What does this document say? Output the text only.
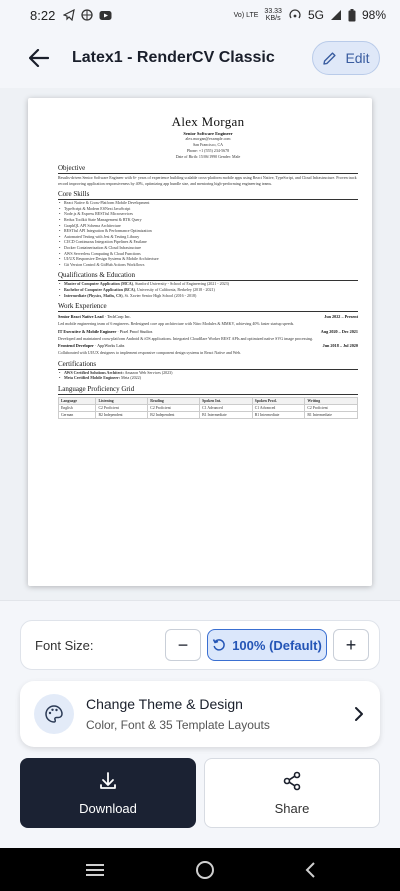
8:22	Vo) LTE 33.33
KB/s 5G	98%
Latex1 - RenderCV Classic	Edit
Alex Morgan
Senior Software Engineer
alex.morgan@example.com
San Francisco, CA
Phone: +1 (555) 234-5678
Date of Birth: 15/06/1990 Gender: Male
Objective
Results-driven Senior Software Engineer with 6+ years of experience building scalable cross-platform mobile apps using React Native, TypeScript, and Cloud Infrastructure. Proven track record improving application responsiveness by 40%, optimizing app bundle size, and mentoring high-performing engineering teams.
Core Skills
• React Native & Cross-Platform Mobile Development
• TypeScript & Modern ESNext JavaScript
• Node.js & Express RESTful Microservices
• Redux Toolkit State Management & RTK Query
• GraphQL API Schema Architecture
• RESTful API Integration & Performance Optimization
• Automated Testing with Jest & Testing Library
• CI/CD Continuous Integration Pipelines & Fastlane
• Docker Containerization & Cloud Infrastructure
• AWS Serverless Computing & Cloud Functions
• UI/UX Responsive Design Systems & Mobile Architecture
• Git Version Control & GitHub Actions Workflows
Qualifications & Education
• Master of Computer Application (MCA), Stanford University - School of Engineering (2021 - 2023)
• Bachelor of Computer Application (BCA), University of California, Berkeley (2018 - 2021)
• Intermediate (Physics, Maths, CS), St. Xavier Senior High School (2016 - 2018)
Work Experience
Senior React Native Lead · TechCorp Inc.	Jun 2022 – Present
Led mobile engineering team of 6 engineers. Redesigned core app architecture with Nitro Modules & MMKV, achieving 40% faster startup speeds.
IT Executive & Mobile Engineer · Pixel Proof Studios	Aug 2020 – Dec 2021
Developed and maintained cross-platform Android & iOS applications. Integrated Cloudflare Worker REST APIs and optimized native SVG image processing.
Frontend Developer · AppWorks Labs	Jun 2018 – Jul 2020
Collaborated with UI/UX designers to implement responsive component design systems in React Native and Web.
Certifications
• AWS Certified Solutions Architect: Amazon Web Services (2023)
• Meta Certified Mobile Engineer: Meta (2022)
Language Proficiency Grid
Language	Listening	Reading	Spoken Int.	Spoken Prod.	Writing
English	C2 Proficient	C2 Proficient	C1 Advanced	C1 Advanced	C2 Proficient
German	B2 Independent	B2 Independent	B1 Intermediate	B1 Intermediate	B1 Intermediate
Font Size:	−	100% (Default)	+
Change Theme & Design
Color, Font & 35 Template Layouts
Download	Share
